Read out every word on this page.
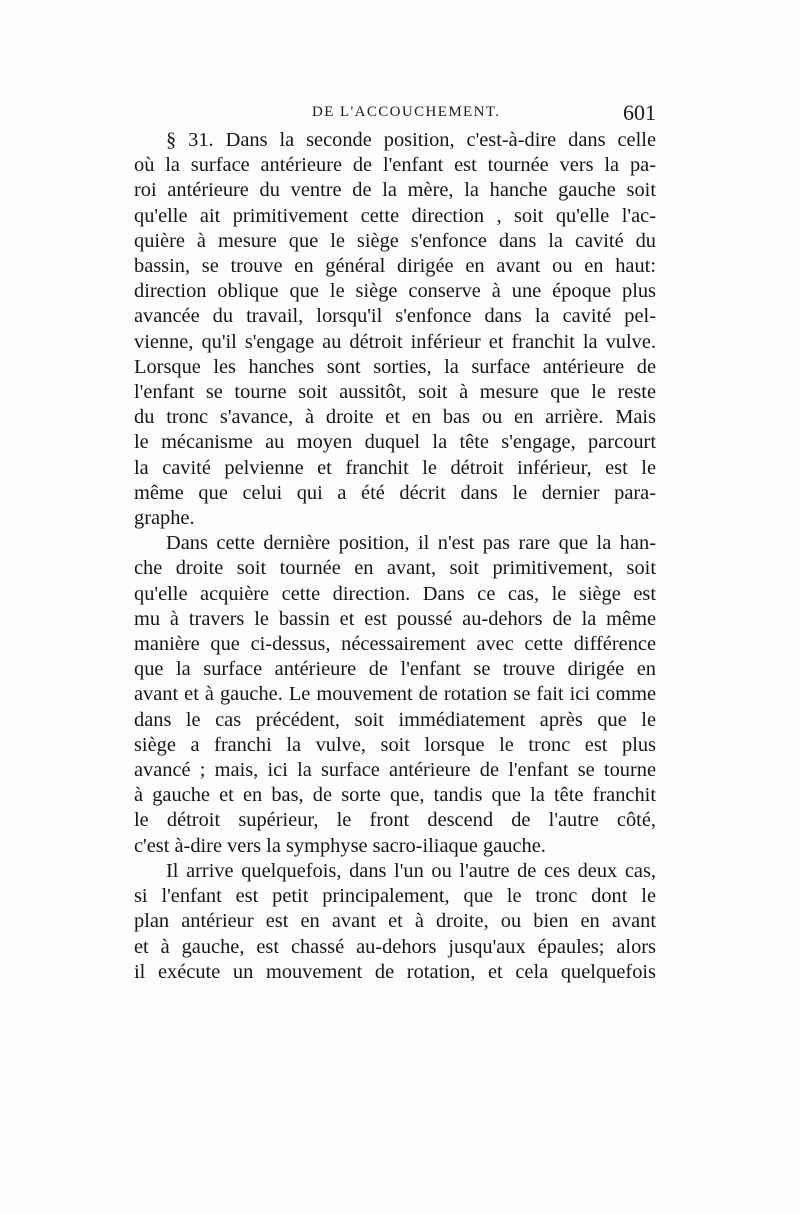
DE L'ACCOUCHEMENT.	601
§ 31. Dans la seconde position, c'est-à-dire dans celle
où la surface antérieure de l'enfant est tournée vers la pa-
roi antérieure du ventre de la mère, la hanche gauche soit
qu'elle ait primitivement cette direction , soit qu'elle l'ac-
quière à mesure que le siège s'enfonce dans la cavité du
bassin, se trouve en général dirigée en avant ou en haut:
direction oblique que le siège conserve à une époque plus
avancée du travail, lorsqu'il s'enfonce dans la cavité pel-
vienne, qu'il s'engage au détroit inférieur et franchit la vulve.
Lorsque les hanches sont sorties, la surface antérieure de
l'enfant se tourne soit aussitôt, soit à mesure que le reste
du tronc s'avance, à droite et en bas ou en arrière. Mais
le mécanisme au moyen duquel la tête s'engage, parcourt
la cavité pelvienne et franchit le détroit inférieur, est le
même que celui qui a été décrit dans le dernier para-
graphe.
Dans cette dernière position, il n'est pas rare que la han-
che droite soit tournée en avant, soit primitivement, soit
qu'elle acquière cette direction. Dans ce cas, le siège est
mu à travers le bassin et est poussé au-dehors de la même
manière que ci-dessus, nécessairement avec cette différence
que la surface antérieure de l'enfant se trouve dirigée en
avant et à gauche. Le mouvement de rotation se fait ici comme
dans le cas précédent, soit immédiatement après que le
siège a franchi la vulve, soit lorsque le tronc est plus
avancé ; mais, ici la surface antérieure de l'enfant se tourne
à gauche et en bas, de sorte que, tandis que la tête franchit
le détroit supérieur, le front descend de l'autre côté,
c'est à-dire vers la symphyse sacro-iliaque gauche.
Il arrive quelquefois, dans l'un ou l'autre de ces deux cas,
si l'enfant est petit principalement, que le tronc dont le
plan antérieur est en avant et à droite, ou bien en avant
et à gauche, est chassé au-dehors jusqu'aux épaules; alors
il exécute un mouvement de rotation, et cela quelquefois
